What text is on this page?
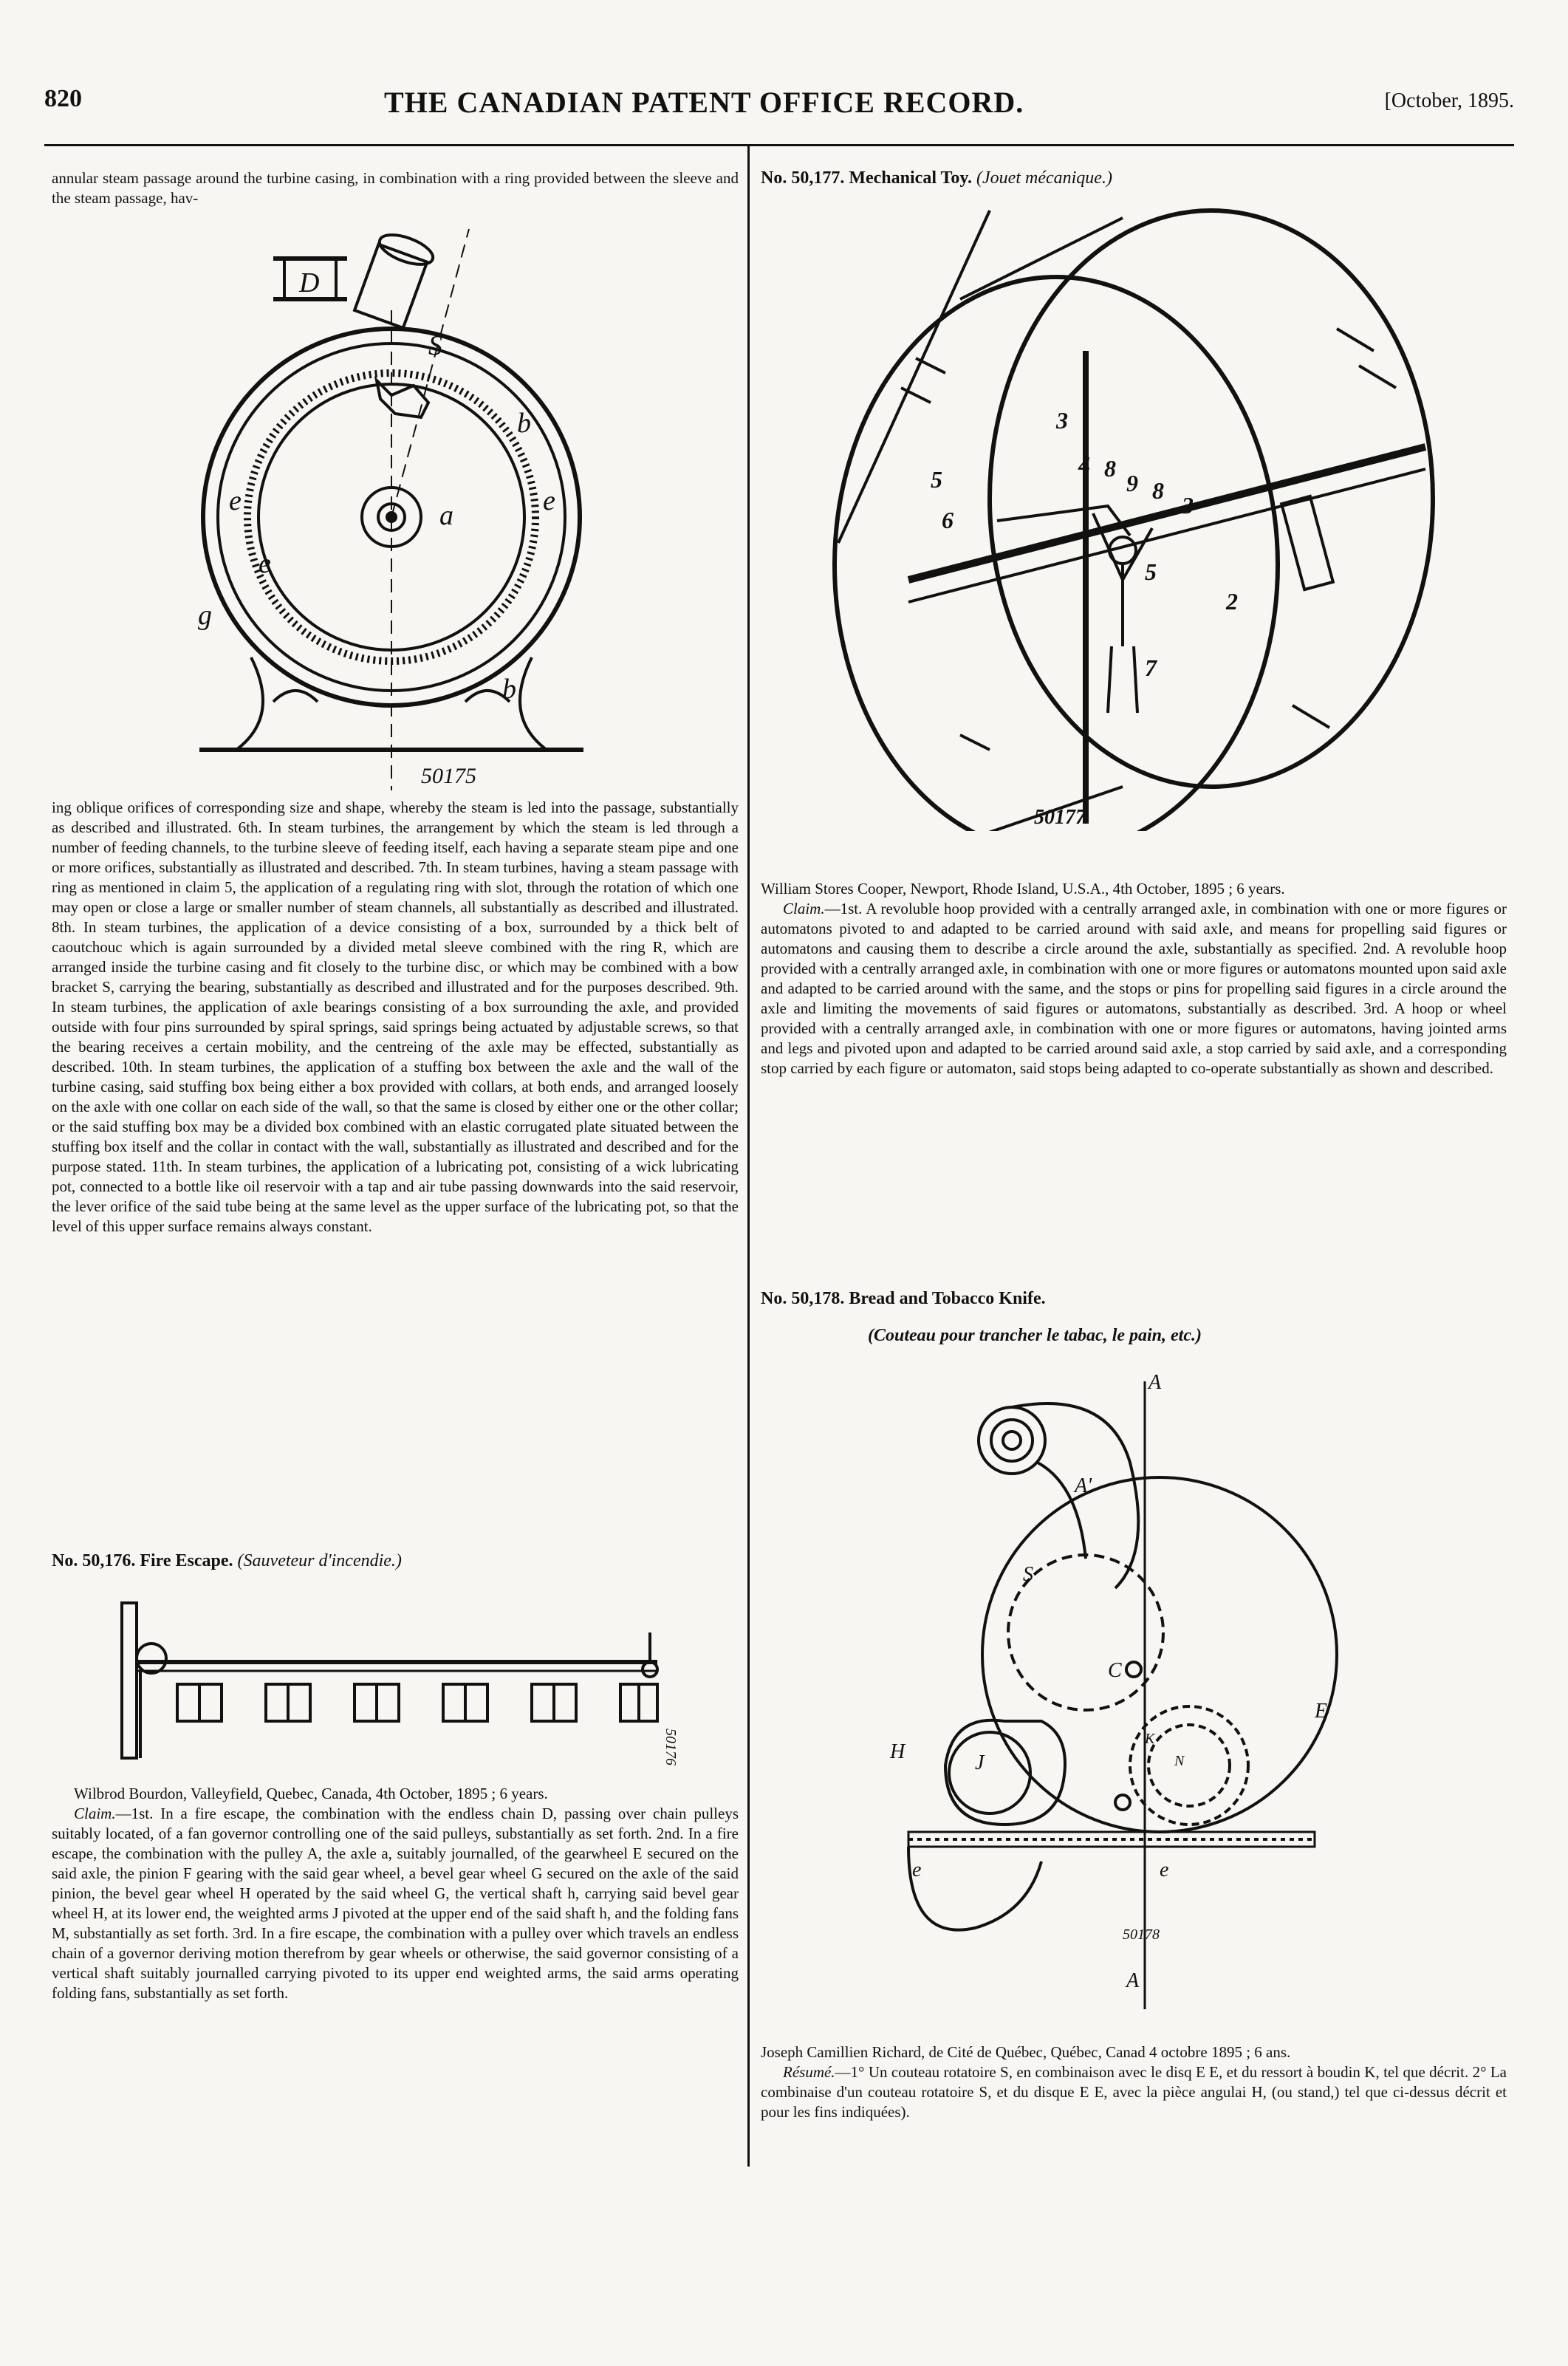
820	THE CANADIAN PATENT OFFICE RECORD.	[October, 1895.

annular steam passage around the turbine casing, in combination with a ring provided between the sleeve and the steam passage, hav-

D
a
e	e
g
b
b
S
e
50175

ing oblique orifices of corresponding size and shape, whereby the steam is led into the passage, substantially as described and illustrated. 6th. In steam turbines, the arrangement by which the steam is led through a number of feeding channels, to the turbine sleeve of feeding itself, each having a separate steam pipe and one or more orifices, substantially as illustrated and described. 7th. In steam turbines, having a steam passage with ring as mentioned in claim 5, the application of a regulating ring with slot, through the rotation of which one may open or close a large or smaller number of steam channels, all substantially as described and illustrated. 8th. In steam turbines, the application of a device consisting of a box, surrounded by a thick belt of caoutchouc which is again surrounded by a divided metal sleeve combined with the ring R, which are arranged inside the turbine casing and fit closely to the turbine disc, or which may be combined with a bow bracket S, carrying the bearing, substantially as described and illustrated and for the purposes described. 9th. In steam turbines, the application of axle bearings consisting of a box surrounding the axle, and provided outside with four pins surrounded by spiral springs, said springs being actuated by adjustable screws, so that the bearing receives a certain mobility, and the centreing of the axle may be effected, substantially as described. 10th. In steam turbines, the application of a stuffing box between the axle and the wall of the turbine casing, said stuffing box being either a box provided with collars, at both ends, and arranged loosely on the axle with one collar on each side of the wall, so that the same is closed by either one or the other collar; or the said stuffing box may be a divided box combined with an elastic corrugated plate situated between the stuffing box itself and the collar in contact with the wall, substantially as illustrated and described and for the purpose stated. 11th. In steam turbines, the application of a lubricating pot, consisting of a wick lubricating pot, connected to a bottle like oil reservoir with a tap and air tube passing downwards into the said reservoir, the lever orifice of the said tube being at the same level as the upper surface of the lubricating pot, so that the level of this upper surface remains always constant.

No. 50,176. Fire Escape. (Sauveteur d'incendie.)
50176

Wilbrod Bourdon, Valleyfield, Quebec, Canada, 4th October, 1895 ; 6 years.

Claim.—1st. In a fire escape, the combination with the endless chain D, passing over chain pulleys suitably located, of a fan governor controlling one of the said pulleys, substantially as set forth. 2nd. In a fire escape, the combination with the pulley A, the axle a, suitably journalled, of the gearwheel E secured on the said axle, the pinion F gearing with the said gear wheel, a bevel gear wheel G secured on the axle of the said pinion, the bevel gear wheel H operated by the said wheel G, the vertical shaft h, carrying said bevel gear wheel H, at its lower end, the weighted arms J pivoted at the upper end of the said shaft h, and the folding fans M, substantially as set forth. 3rd. In a fire escape, the combination with a pulley over which travels an endless chain of a governor deriving motion therefrom by gear wheels or otherwise, the said governor consisting of a vertical shaft suitably journalled carrying pivoted to its upper end weighted arms, the said arms operating folding fans, substantially as set forth.

No. 50,177. Mechanical Toy. (Jouet mécanique.)
3
4 8
9 8
3
5
6
5
2
7
50177

William Stores Cooper, Newport, Rhode Island, U.S.A., 4th October, 1895 ; 6 years.

Claim.—1st. A revoluble hoop provided with a centrally arranged axle, in combination with one or more figures or automatons pivoted to and adapted to be carried around with said axle, and means for propelling said figures or automatons and causing them to describe a circle around the axle, substantially as specified. 2nd. A revoluble hoop provided with a centrally arranged axle, in combination with one or more figures or automatons mounted upon said axle and adapted to be carried around with the same, and the stops or pins for propelling said figures in a circle around the axle and limiting the movements of said figures or automatons, substantially as described. 3rd. A hoop or wheel provided with a centrally arranged axle, in combination with one or more figures or automatons, having jointed arms and legs and pivoted upon and adapted to be carried around said axle, a stop carried by said axle, and a corresponding stop carried by each figure or automaton, said stops being adapted to co-operate substantially as shown and described.

No. 50,178. Bread and Tobacco Knife.
(Couteau pour trancher le tabac, le pain, etc.)
A
A'
S
C
E
H	J	N
K
e	e
50178
A

Joseph Camillien Richard, de Cité de Québec, Québec, Canad 4 octobre 1895 ; 6 ans.

Résumé.—1° Un couteau rotatoire S, en combinaison avec le disq E E, et du ressort à boudin K, tel que décrit. 2° La combinaise d'un couteau rotatoire S, et du disque E E, avec la pièce angulai H, (ou stand,) tel que ci-dessus décrit et pour les fins indiquées).
